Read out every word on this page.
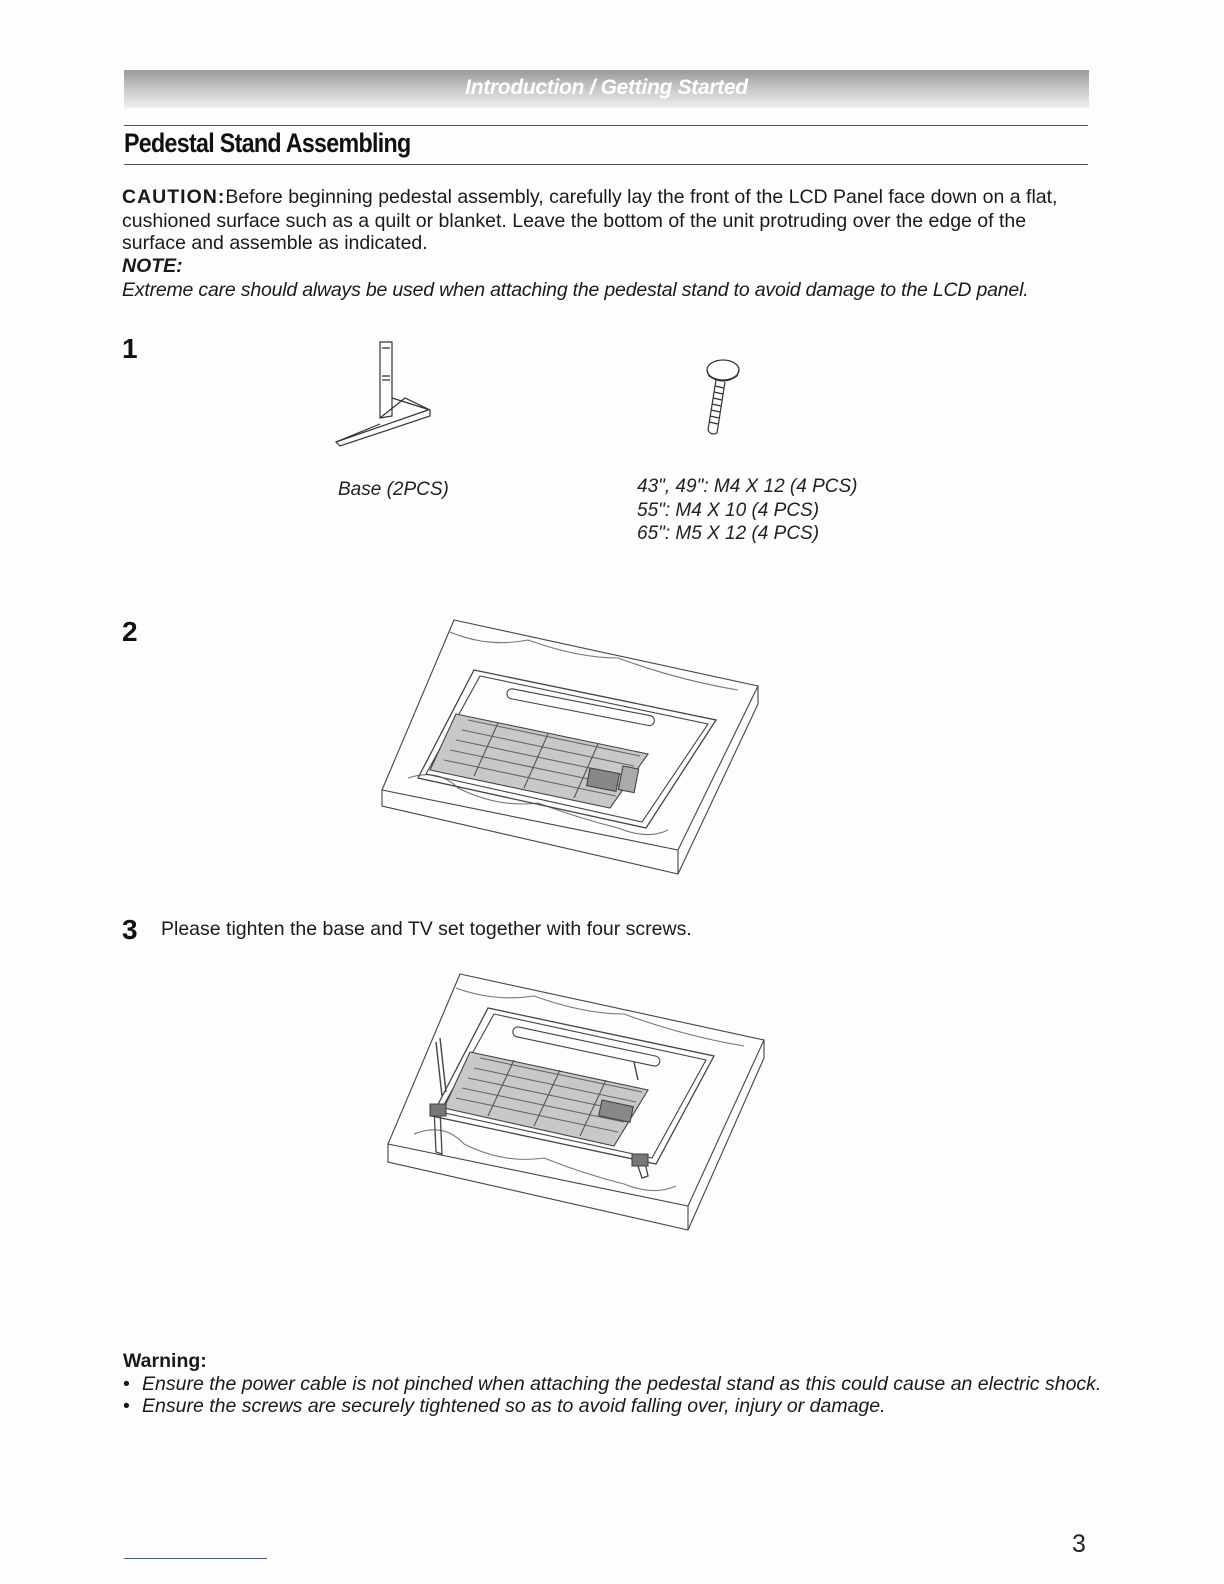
Introduction / Getting Started
Pedestal Stand Assembling
CAUTION:Before beginning pedestal assembly, carefully lay the front of the LCD Panel face down on a flat,
cushioned surface such as a quilt or blanket. Leave the bottom of the unit protruding over the edge of the
surface and assemble as indicated.
NOTE:
Extreme care should always be used when attaching the pedestal stand to avoid damage to the LCD panel.
1
Base (2PCS)	43", 49": M4 X 12 (4 PCS)
55": M4 X 10 (4 PCS)
65": M5 X 12 (4 PCS)
2
3 Please tighten the base and TV set together with four screws.
Warning:
• Ensure the power cable is not pinched when attaching the pedestal stand as this could cause an electric shock.
• Ensure the screws are securely tightened so as to avoid falling over, injury or damage.
3
